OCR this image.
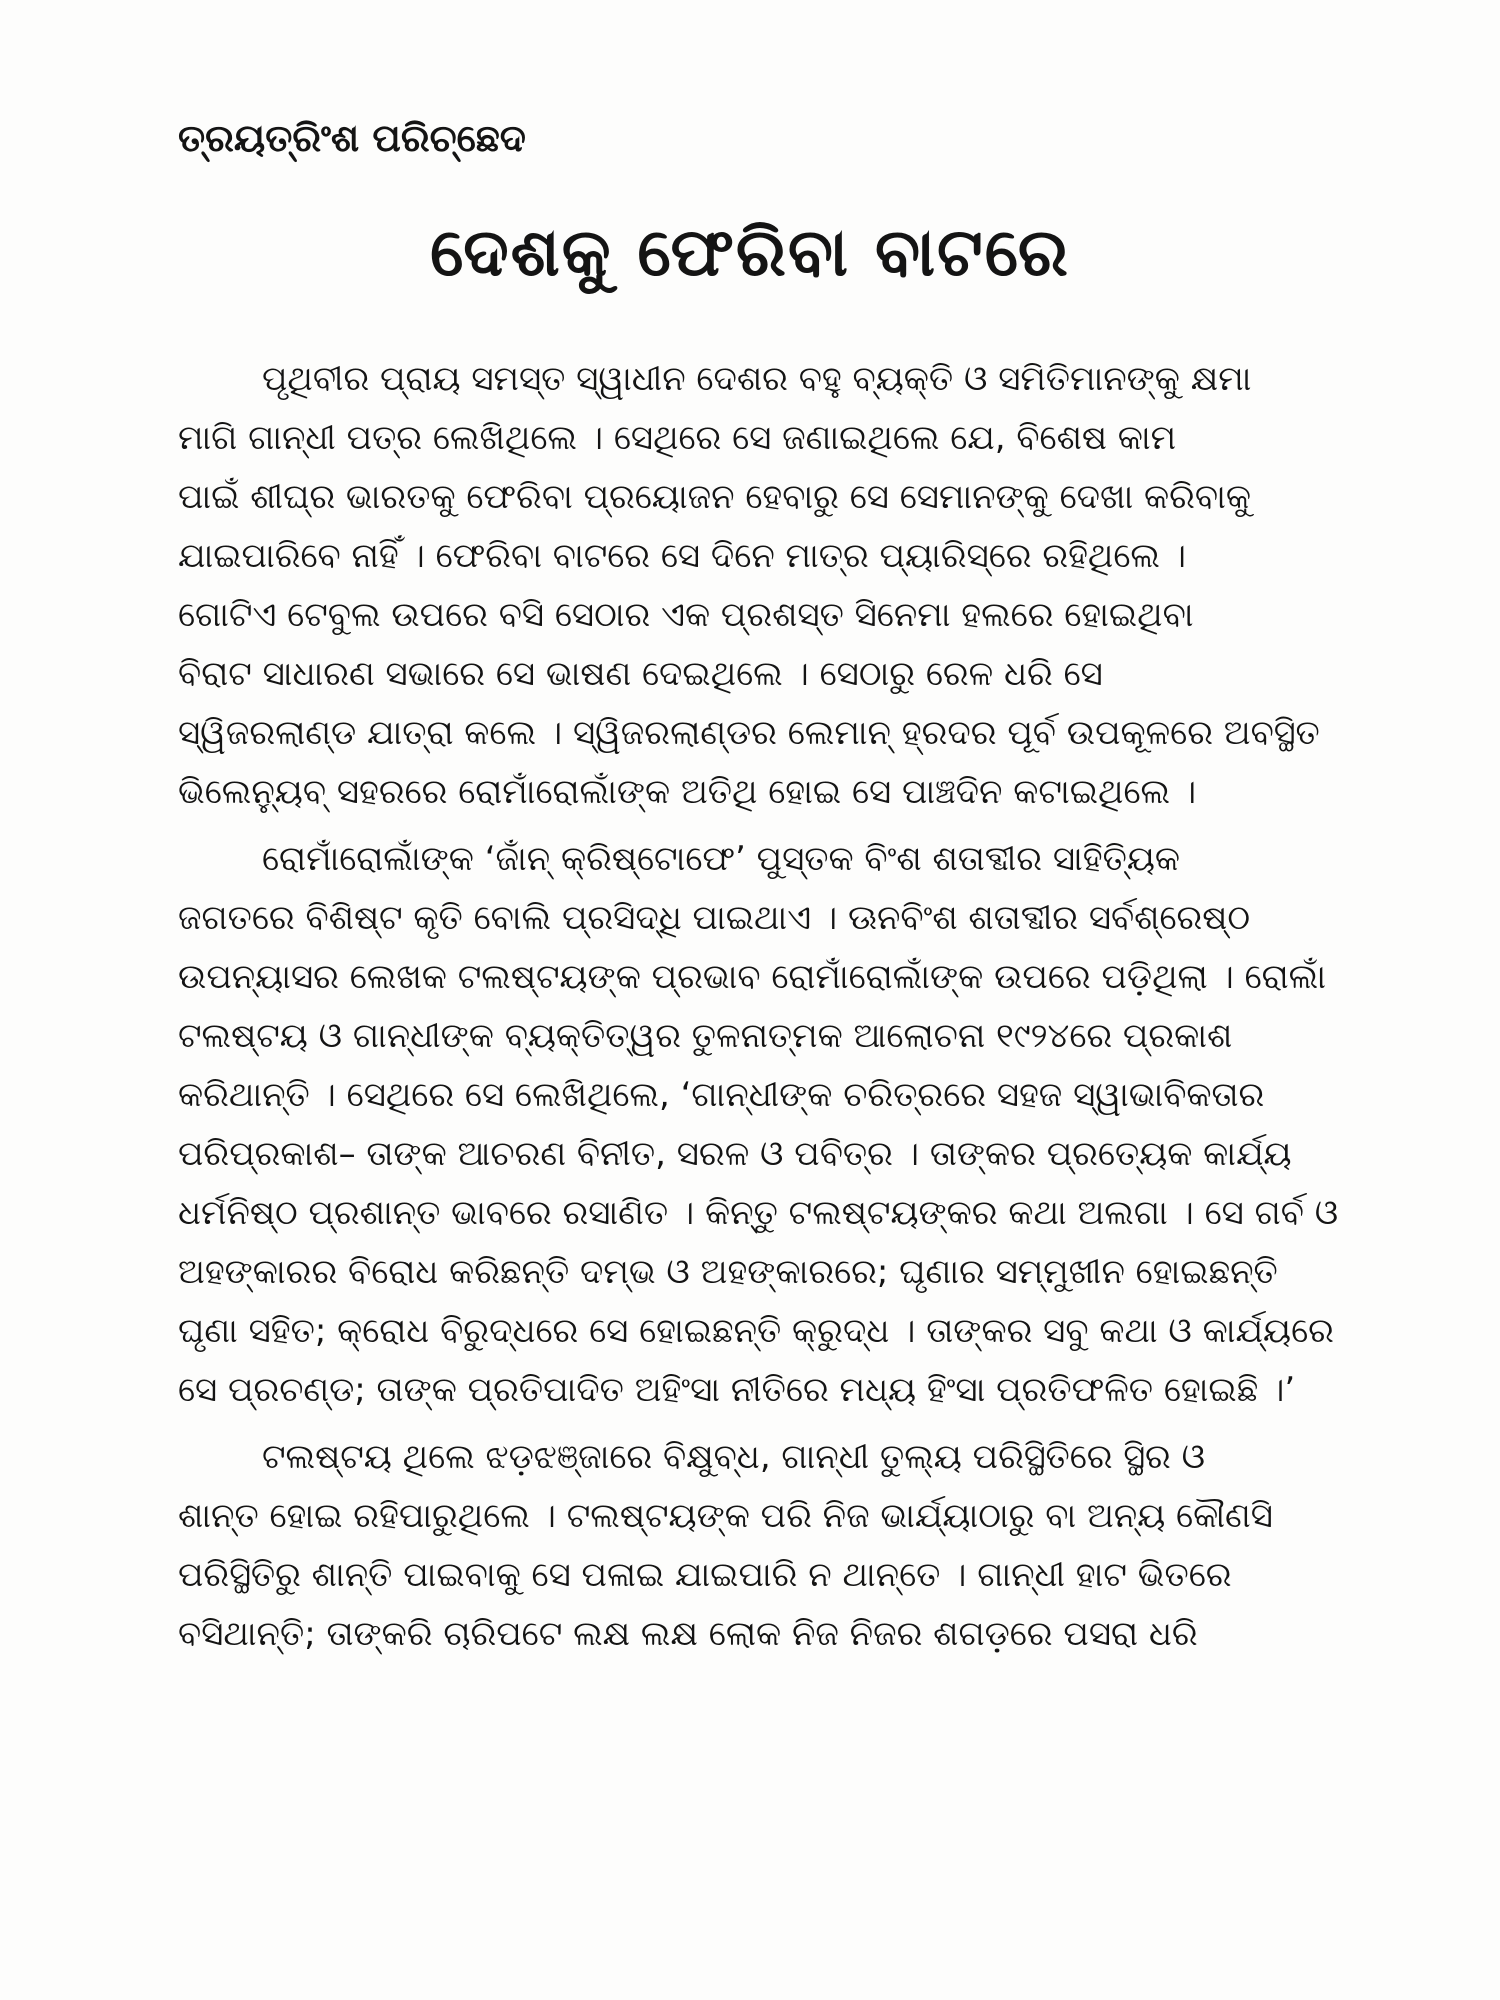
ତ୍ରୟତ୍ରିଂଶ ପରିଚ୍ଛେଦ
ଦେଶକୁ ଫେରିବା ବାଟରେ
ପୃଥିବୀର ପ୍ରାୟ ସମସ୍ତ ସ୍ୱାଧୀନ ଦେଶର ବହୁ ବ୍ୟକ୍ତି ଓ ସମିତିମାନଙ୍କୁ କ୍ଷମା
ମାଗି ଗାନ୍ଧୀ ପତ୍ର ଲେଖିଥିଲେ । ସେଥିରେ ସେ ଜଣାଇଥିଲେ ଯେ, ବିଶେଷ କାମ
ପାଇଁ ଶୀଘ୍ର ଭାରତକୁ ଫେରିବା ପ୍ରୟୋଜନ ହେବାରୁ ସେ ସେମାନଙ୍କୁ ଦେଖା କରିବାକୁ
ଯାଇପାରିବେ ନାହିଁ । ଫେରିବା ବାଟରେ ସେ ଦିନେ ମାତ୍ର ପ୍ୟାରିସ୍‌ରେ ରହିଥିଲେ ।
ଗୋଟିଏ ଟେବୁଲ ଉପରେ ବସି ସେଠାର ଏକ ପ୍ରଶସ୍ତ ସିନେମା ହଲରେ ହୋଇଥିବା
ବିରାଟ ସାଧାରଣ ସଭାରେ ସେ ଭାଷଣ ଦେଇଥିଲେ । ସେଠାରୁ ରେଳ ଧରି ସେ
ସ୍ୱିଜରଲାଣ୍ଡ ଯାତ୍ରା କଲେ । ସ୍ୱିଜରଲାଣ୍ଡର ଲେମାନ୍ ହ୍ରଦର ପୂର୍ବ ଉପକୂଳରେ ଅବସ୍ଥିତ
ଭିଲେନ୍ୟୁବ୍ ସହରରେ ରୋମାଁରୋଲାଁଙ୍କ ଅତିଥି ହୋଇ ସେ ପାଞ୍ଚଦିନ କଟାଇଥିଲେ ।
ରୋମାଁରୋଲାଁଙ୍କ ‘ଜାଁନ୍ କ୍ରିଷ୍ଟୋଫେ’ ପୁସ୍ତକ ବିଂଶ ଶତାବ୍ଦୀର ସାହିତ୍ୟିକ
ଜଗତରେ ବିଶିଷ୍ଟ କୃତି ବୋଲି ପ୍ରସିଦ୍ଧି ପାଇଥାଏ । ଊନବିଂଶ ଶତାବ୍ଦୀର ସର୍ବଶ୍ରେଷ୍ଠ
ଉପନ୍ୟାସର ଲେଖକ ଟଲଷ୍ଟୟଙ୍କ ପ୍ରଭାବ ରୋମାଁରୋଲାଁଙ୍କ ଉପରେ ପଡ଼ିଥିଲା । ରୋଲାଁ
ଟଲଷ୍ଟୟ ଓ ଗାନ୍ଧୀଙ୍କ ବ୍ୟକ୍ତିତ୍ୱର ତୁଳନାତ୍ମକ ଆଲୋଚନା ୧୯୨୪ରେ ପ୍ରକାଶ
କରିଥାନ୍ତି । ସେଥିରେ ସେ ଲେଖିଥିଲେ, ‘ଗାନ୍ଧୀଙ୍କ ଚରିତ୍ରରେ ସହଜ ସ୍ୱାଭାବିକତାର
ପରିପ୍ରକାଶ– ତାଙ୍କ ଆଚରଣ ବିନୀତ, ସରଳ ଓ ପବିତ୍ର । ତାଙ୍କର ପ୍ରତ୍ୟେକ କାର୍ଯ୍ୟ
ଧର୍ମନିଷ୍ଠ ପ୍ରଶାନ୍ତ ଭାବରେ ରସାଣିତ । କିନ୍ତୁ ଟଲଷ୍ଟୟଙ୍କର କଥା ଅଲଗା । ସେ ଗର୍ବ ଓ
ଅହଙ୍କାରର ବିରୋଧ କରିଛନ୍ତି ଦମ୍ଭ ଓ ଅହଙ୍କାରରେ; ଘୃଣାର ସମ୍ମୁଖୀନ ହୋଇଛନ୍ତି
ଘୃଣା ସହିତ; କ୍ରୋଧ ବିରୁଦ୍ଧରେ ସେ ହୋଇଛନ୍ତି କ୍ରୁଦ୍ଧ । ତାଙ୍କର ସବୁ କଥା ଓ କାର୍ଯ୍ୟରେ
ସେ ପ୍ରଚଣ୍ଡ; ତାଙ୍କ ପ୍ରତିପାଦିତ ଅହିଂସା ନୀତିରେ ମଧ୍ୟ ହିଂସା ପ୍ରତିଫଳିତ ହୋଇଛି ।’
ଟଲଷ୍ଟୟ ଥିଲେ ଝଡ଼ଝଞ୍ଜାରେ ବିକ୍ଷୁବ୍ଧ, ଗାନ୍ଧୀ ତୁଲ୍ୟ ପରିସ୍ଥିତିରେ ସ୍ଥିର ଓ
ଶାନ୍ତ ହୋଇ ରହିପାରୁଥିଲେ । ଟଲଷ୍ଟୟଙ୍କ ପରି ନିଜ ଭାର୍ଯ୍ୟାଠାରୁ ବା ଅନ୍ୟ କୌଣସି
ପରିସ୍ଥିତିରୁ ଶାନ୍ତି ପାଇବାକୁ ସେ ପଳାଇ ଯାଇପାରି ନ ଥାନ୍ତେ । ଗାନ୍ଧୀ ହାଟ ଭିତରେ
ବସିଥାନ୍ତି; ତାଙ୍କରି ଚାରିପଟେ ଲକ୍ଷ ଲକ୍ଷ ଲୋକ ନିଜ ନିଜର ଶଗଡ଼ରେ ପସରା ଧରି
